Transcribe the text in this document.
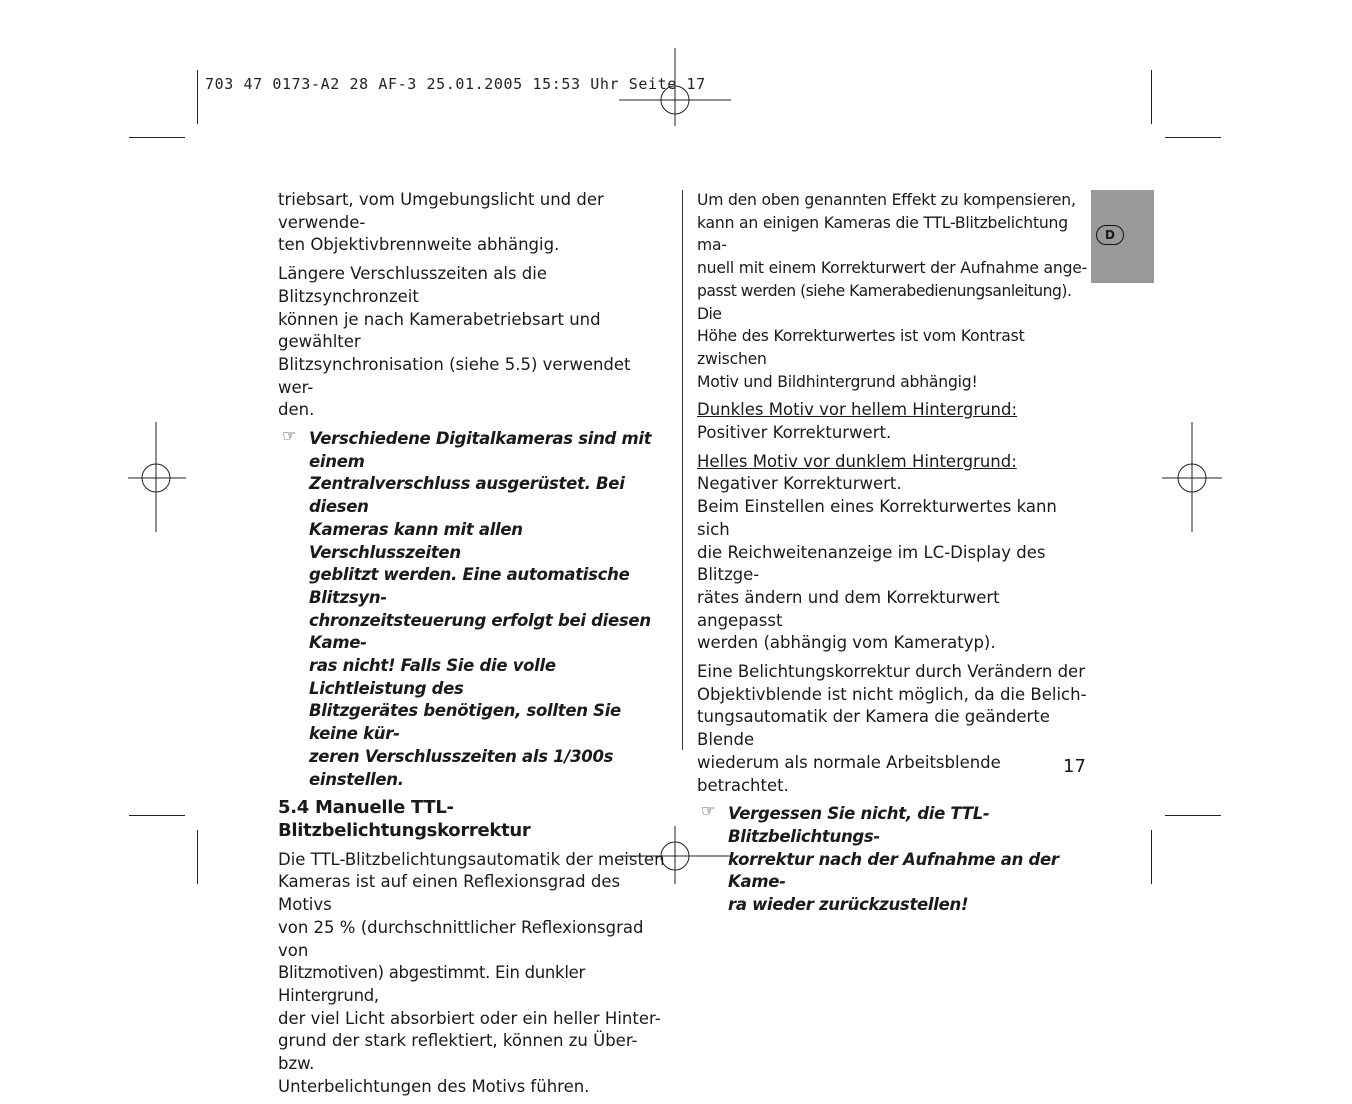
703 47 0173-A2 28 AF-3 25.01.2005 15:53 Uhr Seite 17
D

triebsart, vom Umgebungslicht und der verwende-
ten Objektivbrennweite abhängig.

Längere Verschlusszeiten als die Blitzsynchronzeit
können je nach Kamerabetriebsart und gewählter
Blitzsynchronisation (siehe 5.5) verwendet wer-
den.

☞ Verschiedene Digitalkameras sind mit einem
Zentralverschluss ausgerüstet. Bei diesen
Kameras kann mit allen Verschlusszeiten
geblitzt werden. Eine automatische Blitzsyn-
chronzeitsteuerung erfolgt bei diesen Kame-
ras nicht! Falls Sie die volle Lichtleistung des
Blitzgerätes benötigen, sollten Sie keine kür-
zeren Verschlusszeiten als 1/300s einstellen.
5.4 Manuelle TTL-Blitzbelichtungskorrektur

Die TTL-Blitzbelichtungsautomatik der meisten
Kameras ist auf einen Reflexionsgrad des Motivs
von 25 % (durchschnittlicher Reflexionsgrad von
Blitzmotiven) abgestimmt. Ein dunkler Hintergrund,
der viel Licht absorbiert oder ein heller Hinter-
grund der stark reflektiert, können zu Über- bzw.
Unterbelichtungen des Motivs führen.

Um den oben genannten Effekt zu kompensieren,
kann an einigen Kameras die TTL-Blitzbelichtung ma-
nuell mit einem Korrekturwert der Aufnahme ange-
passt werden (siehe Kamerabedienungsanleitung). Die
Höhe des Korrekturwertes ist vom Kontrast zwischen
Motiv und Bildhintergrund abhängig!

Dunkles Motiv vor hellem Hintergrund:
Positiver Korrekturwert.

Helles Motiv vor dunklem Hintergrund:
Negativer Korrekturwert.
Beim Einstellen eines Korrekturwertes kann sich
die Reichweitenanzeige im LC-Display des Blitzge-
rätes ändern und dem Korrekturwert angepasst
werden (abhängig vom Kameratyp).

Eine Belichtungskorrektur durch Verändern der
Objektivblende ist nicht möglich, da die Belich-
tungsautomatik der Kamera die geänderte Blende
wiederum als normale Arbeitsblende betrachtet.

☞ Vergessen Sie nicht, die TTL-Blitzbelichtungs-
korrektur nach der Aufnahme an der Kame-
ra wieder zurückzustellen!
17
